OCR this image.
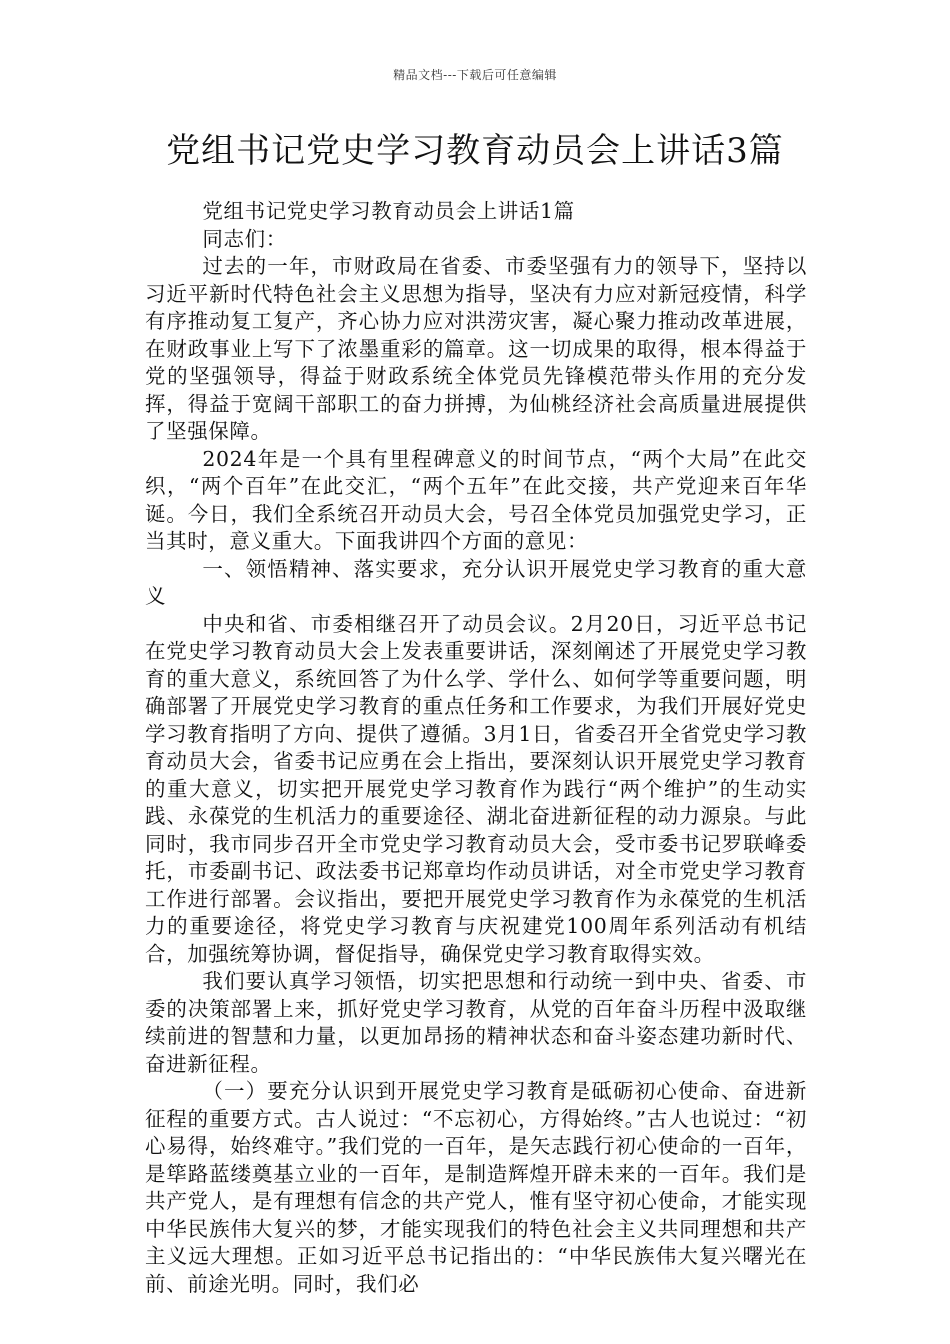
精品文档---下载后可任意编辑
党组书记党史学习教育动员会上讲话3篇

党组书记党史学习教育动员会上讲话1篇

同志们：

过去的一年，市财政局在省委、市委坚强有力的领导下，坚持以习近平新时代特色社会主义思想为指导，坚决有力应对新冠疫情，科学有序推动复工复产，齐心协力应对洪涝灾害，凝心聚力推动改革进展，在财政事业上写下了浓墨重彩的篇章。这一切成果的取得，根本得益于党的坚强领导，得益于财政系统全体党员先锋模范带头作用的充分发挥，得益于宽阔干部职工的奋力拼搏，为仙桃经济社会高质量进展提供了坚强保障。

2024年是一个具有里程碑意义的时间节点，“两个大局”在此交织，“两个百年”在此交汇，“两个五年”在此交接，共产党迎来百年华诞。今日，我们全系统召开动员大会，号召全体党员加强党史学习，正当其时，意义重大。下面我讲四个方面的意见：

一、领悟精神、落实要求，充分认识开展党史学习教育的重大意义

中央和省、市委相继召开了动员会议。2月20日，习近平总书记在党史学习教育动员大会上发表重要讲话，深刻阐述了开展党史学习教育的重大意义，系统回答了为什么学、学什么、如何学等重要问题，明确部署了开展党史学习教育的重点任务和工作要求，为我们开展好党史学习教育指明了方向、提供了遵循。3月1日，省委召开全省党史学习教育动员大会，省委书记应勇在会上指出，要深刻认识开展党史学习教育的重大意义，切实把开展党史学习教育作为践行“两个维护”的生动实践、永葆党的生机活力的重要途径、湖北奋进新征程的动力源泉。与此同时，我市同步召开全市党史学习教育动员大会，受市委书记罗联峰委托，市委副书记、政法委书记郑章均作动员讲话，对全市党史学习教育工作进行部署。会议指出，要把开展党史学习教育作为永葆党的生机活力的重要途径，将党史学习教育与庆祝建党100周年系列活动有机结合，加强统筹协调，督促指导，确保党史学习教育取得实效。

我们要认真学习领悟，切实把思想和行动统一到中央、省委、市委的决策部署上来，抓好党史学习教育，从党的百年奋斗历程中汲取继续前进的智慧和力量，以更加昂扬的精神状态和奋斗姿态建功新时代、奋进新征程。

（一）要充分认识到开展党史学习教育是砥砺初心使命、奋进新征程的重要方式。古人说过：“不忘初心，方得始终。”古人也说过：“初心易得，始终难守。”我们党的一百年，是矢志践行初心使命的一百年，是筚路蓝缕奠基立业的一百年，是制造辉煌开辟未来的一百年。我们是共产党人，是有理想有信念的共产党人，惟有坚守初心使命，才能实现中华民族伟大复兴的梦，才能实现我们的特色社会主义共同理想和共产主义远大理想。正如习近平总书记指出的：“中华民族伟大复兴曙光在前、前途光明。同时，我们必
